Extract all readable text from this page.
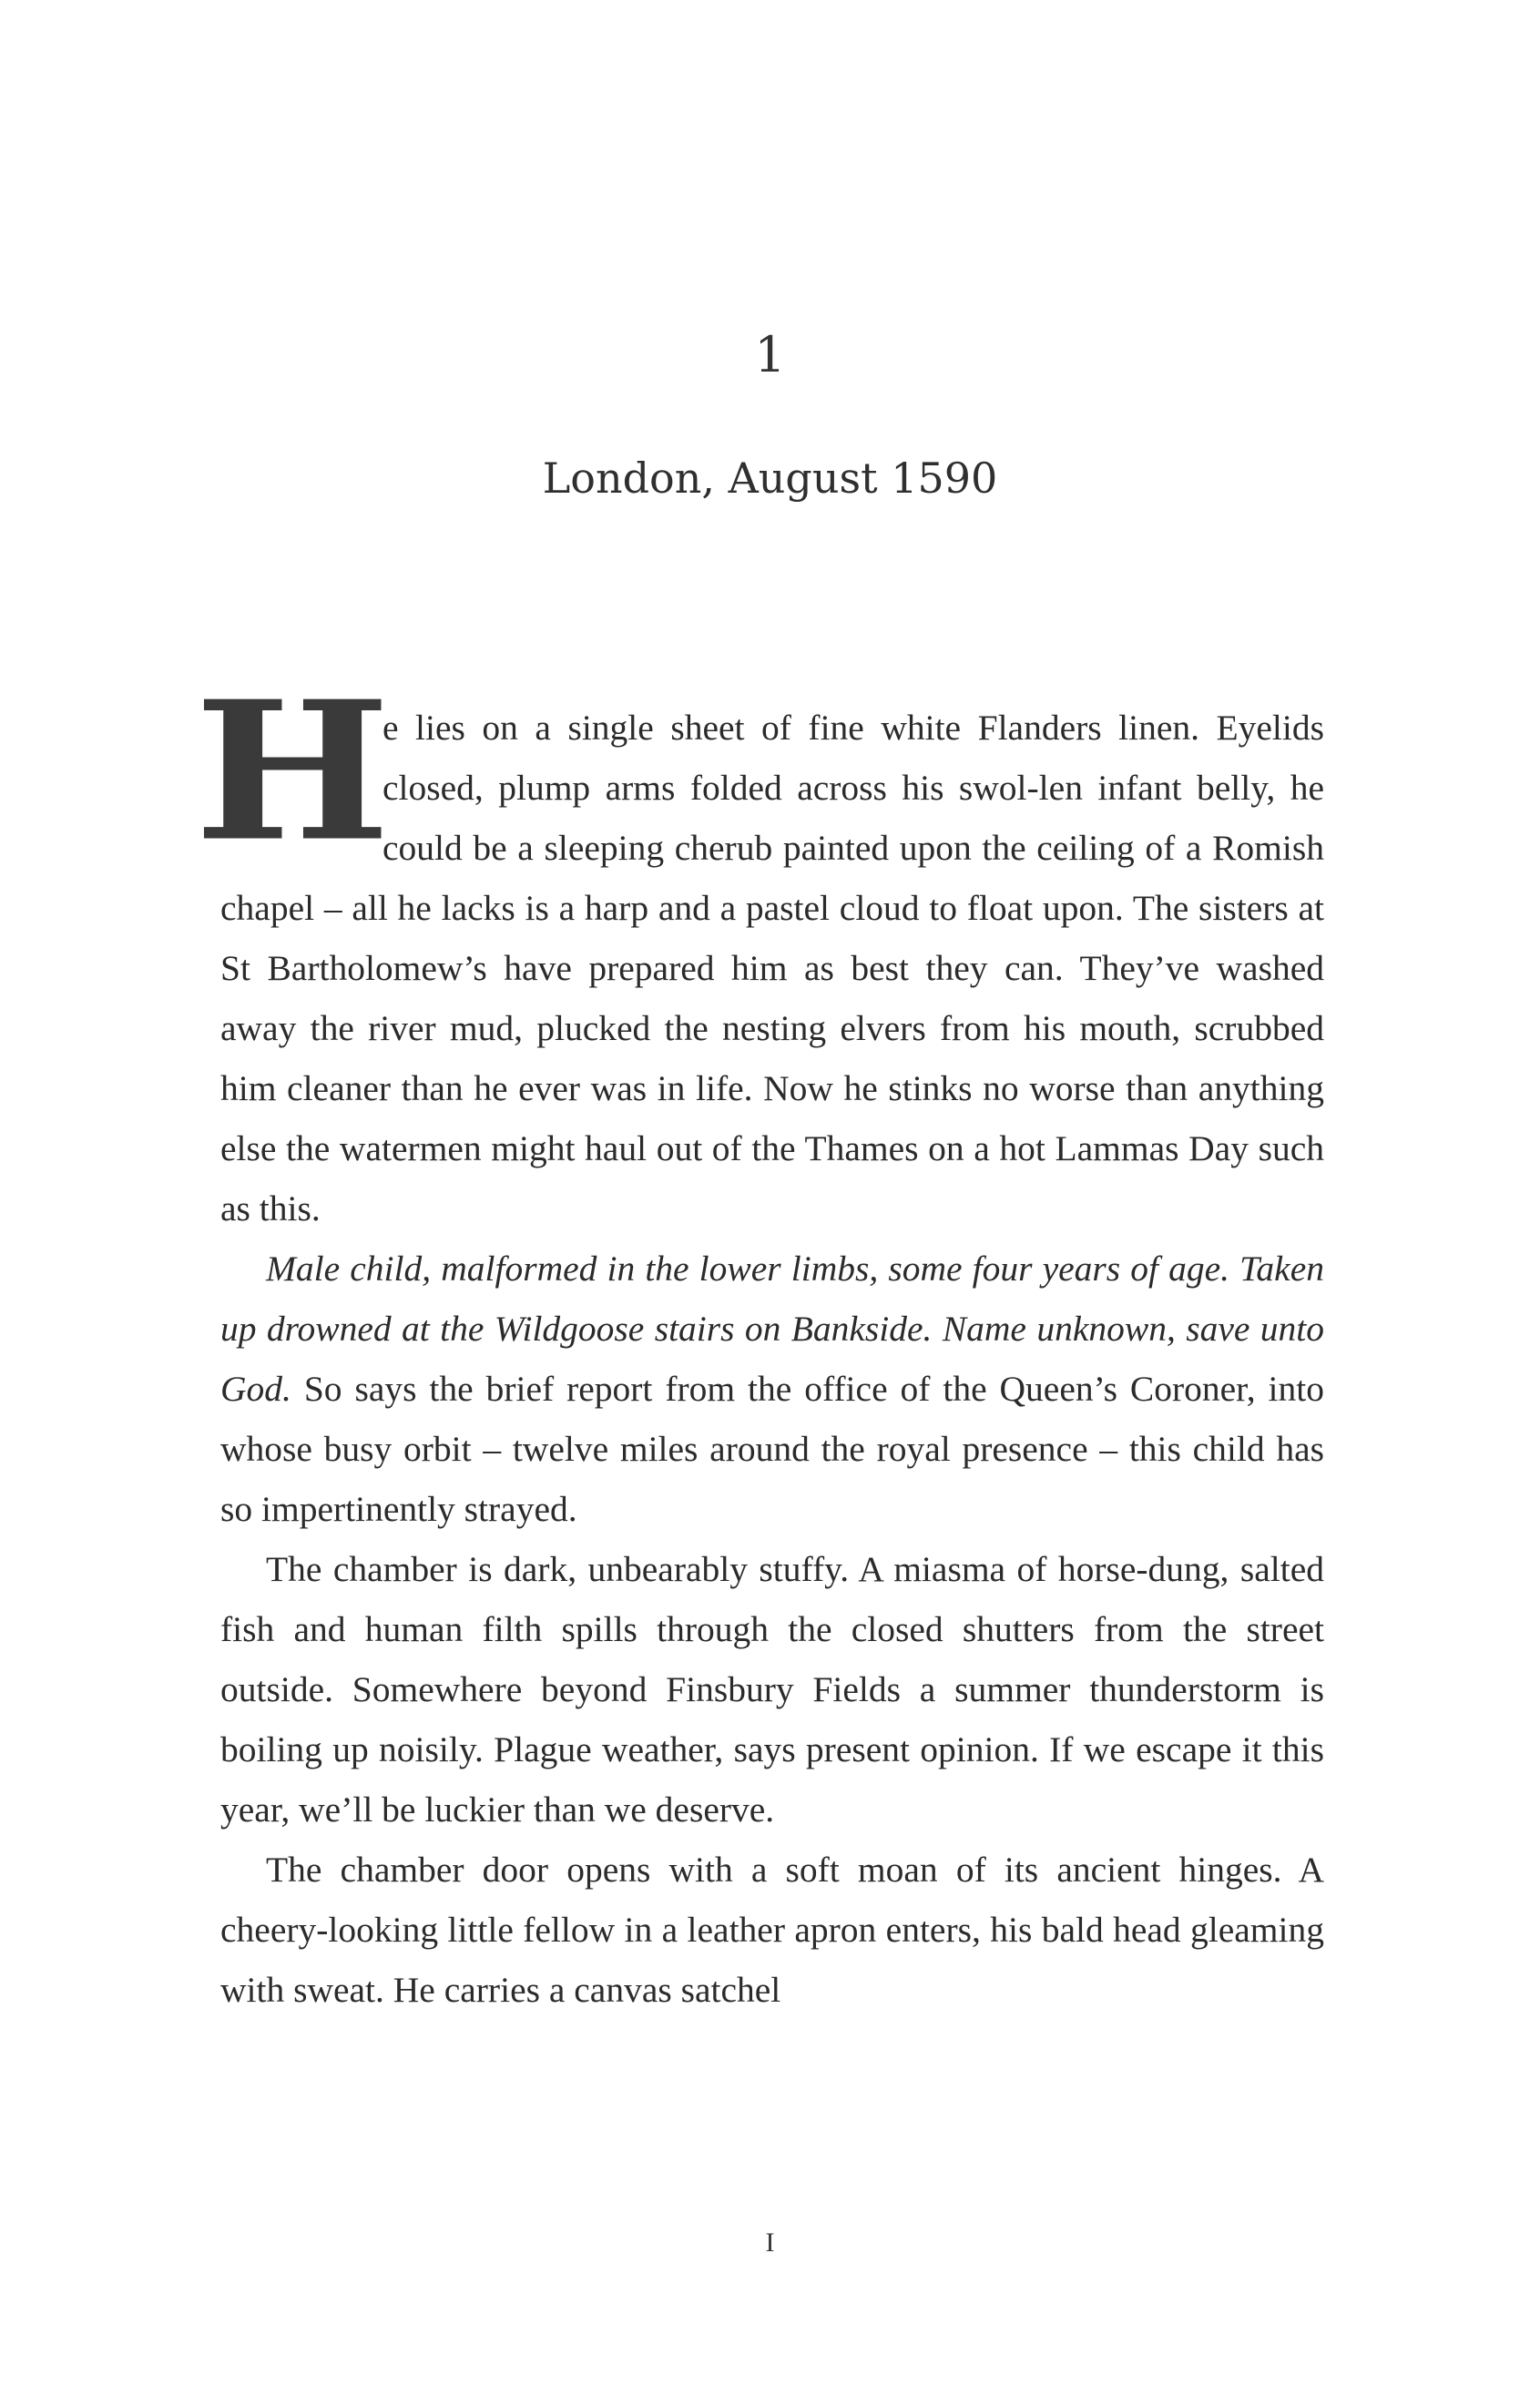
1
London, August 1590

H
e lies on a single sheet of fine white Flanders linen. Eyelids closed, plump arms folded across his swol-len infant belly, he could be a sleeping cherub painted upon the ceiling of a Romish chapel – all he lacks is a harp and a pastel cloud to float upon. The sisters at St Bartholomew’s have prepared him as best they can. They’ve washed away the river mud, plucked the nesting elvers from his mouth, scrubbed him cleaner than he ever was in life. Now he stinks no worse than anything else the watermen might haul out of the Thames on a hot Lammas Day such as this.

Male child, malformed in the lower limbs, some four years of age. Taken up drowned at the Wildgoose stairs on Bankside. Name unknown, save unto God. So says the brief report from the office of the Queen’s Coroner, into whose busy orbit – twelve miles around the royal presence – this child has so impertinently strayed.

The chamber is dark, unbearably stuffy. A miasma of horse-dung, salted fish and human filth spills through the closed shutters from the street outside. Somewhere beyond Finsbury Fields a summer thunderstorm is boiling up noisily. Plague weather, says present opinion. If we escape it this year, we’ll be luckier than we deserve.

The chamber door opens with a soft moan of its ancient hinges. A cheery-looking little fellow in a leather apron enters, his bald head gleaming with sweat. He carries a canvas satchel

I
